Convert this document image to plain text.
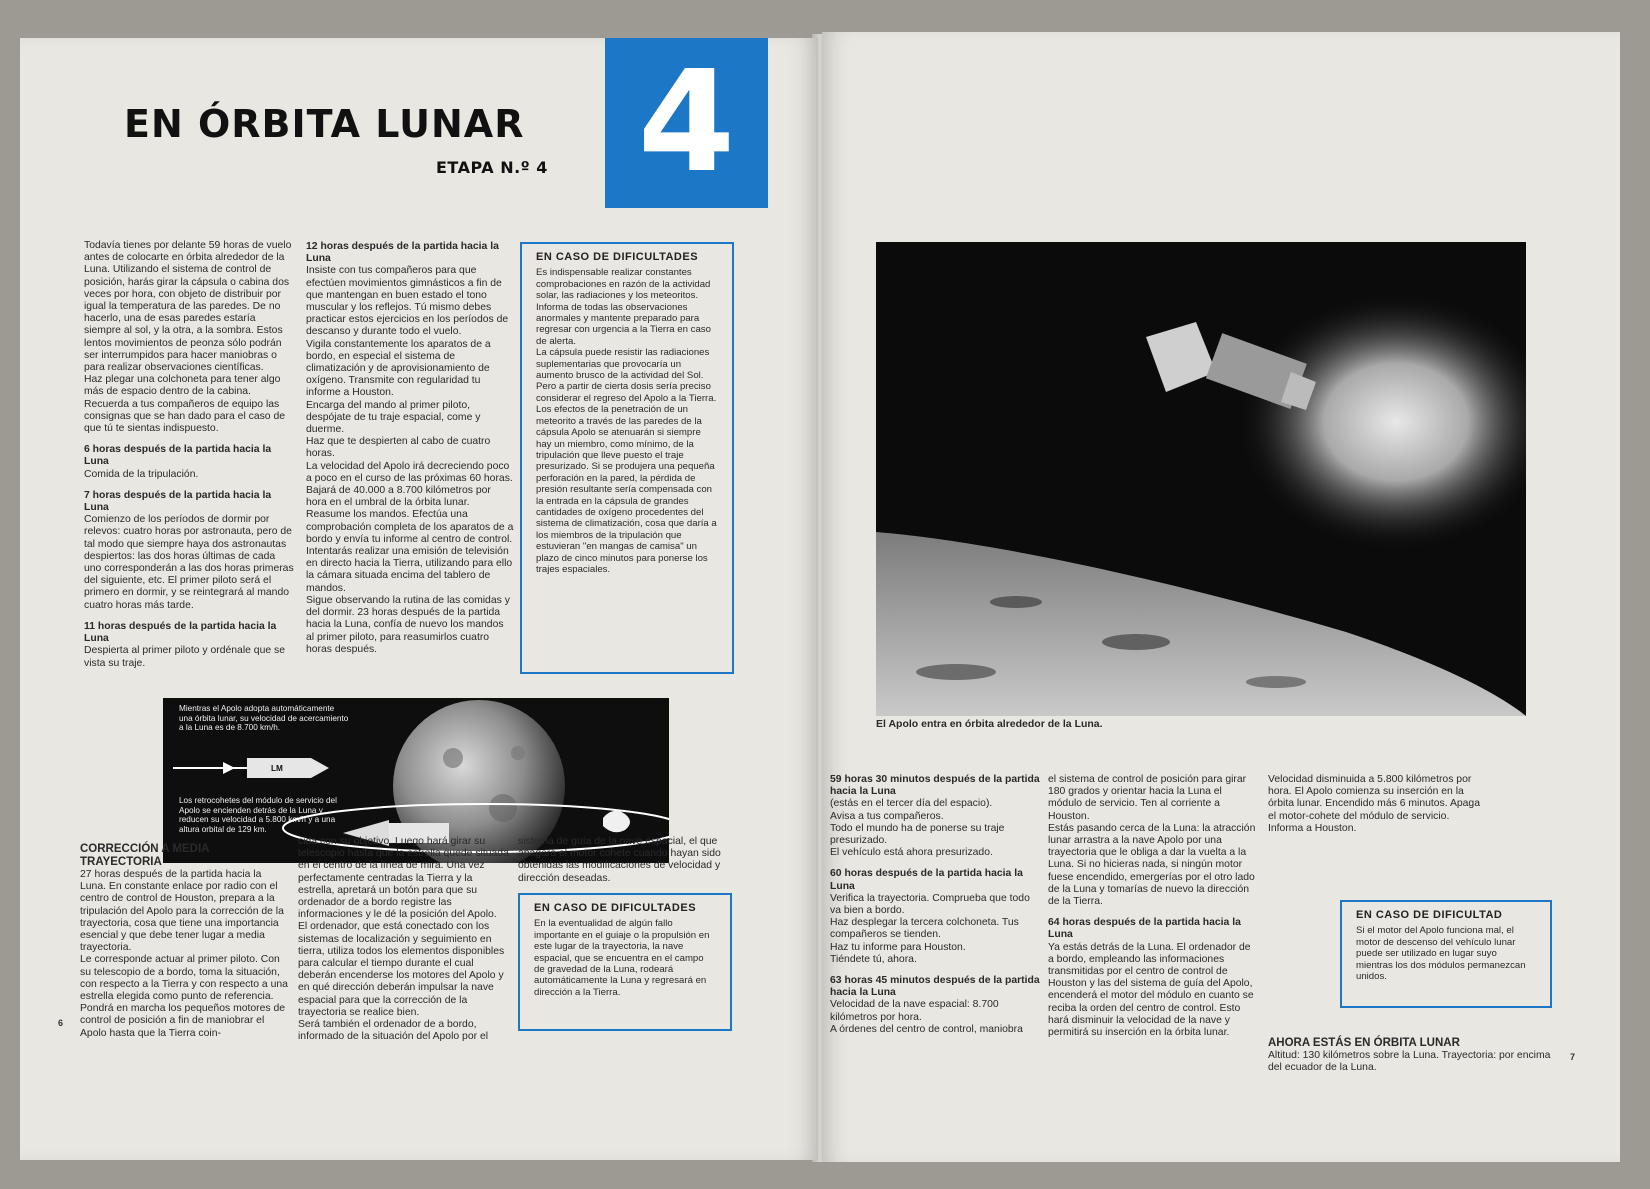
EN ÓRBITA LUNAR
ETAPA N.º 4 4

Todavía tienes por delante 59 horas de vuelo antes de colocarte en órbita alrededor de la Luna. Utilizando el sistema de control de posición, harás girar la cápsula o cabina dos veces por hora, con objeto de distribuir por igual la temperatura de las paredes. De no hacerlo, una de esas paredes estaría siempre al sol, y la otra, a la sombra. Estos lentos movimientos de peonza sólo podrán ser interrumpidos para hacer maniobras o para realizar observaciones científicas.

Haz plegar una colchoneta para tener algo más de espacio dentro de la cabina.

Recuerda a tus compañeros de equipo las consignas que se han dado para el caso de que tú te sientas indispuesto.

6 horas después de la partida hacia la Luna

Comida de la tripulación.

7 horas después de la partida hacia la Luna

Comienzo de los períodos de dormir por relevos: cuatro horas por astronauta, pero de tal modo que siempre haya dos astronautas despiertos: las dos horas últimas de cada uno corresponderán a las dos horas primeras del siguiente, etc. El primer piloto será el primero en dormir, y se reintegrará al mando cuatro horas más tarde.

11 horas después de la partida hacia la Luna

Despierta al primer piloto y ordénale que se vista su traje.

12 horas después de la partida hacia la Luna

Insiste con tus compañeros para que efectúen movimientos gimnásticos a fin de que mantengan en buen estado el tono muscular y los reflejos. Tú mismo debes practicar estos ejercicios en los períodos de descanso y durante todo el vuelo.

Vigila constantemente los aparatos de a bordo, en especial el sistema de climatización y de aprovisionamiento de oxígeno. Transmite con regularidad tu informe a Houston.

Encarga del mando al primer piloto, despójate de tu traje espacial, come y duerme.

Haz que te despierten al cabo de cuatro horas.

La velocidad del Apolo irá decreciendo poco a poco en el curso de las próximas 60 horas. Bajará de 40.000 a 8.700 kilómetros por hora en el umbral de la órbita lunar.

Reasume los mandos. Efectúa una comprobación completa de los aparatos de a bordo y envía tu informe al centro de control. Intentarás realizar una emisión de televisión en directo hacia la Tierra, utilizando para ello la cámara situada encima del tablero de mandos.

Sigue observando la rutina de las comidas y del dormir. 23 horas después de la partida hacia la Luna, confía de nuevo los mandos al primer piloto, para reasumirlos cuatro horas después.

EN CASO DE DIFICULTADES

Es indispensable realizar constantes comprobaciones en razón de la actividad solar, las radiaciones y los meteoritos. Informa de todas las observaciones anormales y mantente preparado para regresar con urgencia a la Tierra en caso de alerta.

La cápsula puede resistir las radiaciones suplementarias que provocaría un aumento brusco de la actividad del Sol. Pero a partir de cierta dosis sería preciso considerar el regreso del Apolo a la Tierra. Los efectos de la penetración de un meteorito a través de las paredes de la cápsula Apolo se atenuarán si siempre hay un miembro, como mínimo, de la tripulación que lleve puesto el traje presurizado. Si se produjera una pequeña perforación en la pared, la pérdida de presión resultante sería compensada con la entrada en la cápsula de grandes cantidades de oxígeno procedentes del sistema de climatización, cosa que daría a los miembros de la tripulación que estuvieran "en mangas de camisa" un plazo de cinco minutos para ponerse los trajes espaciales.

Mientras el Apolo adopta automáticamente una órbita lunar, su velocidad de acercamiento a la Luna es de 8.700 km/h.
Los retrocohetes del módulo de servicio del Apolo se encienden detrás de la Luna y reducen su velocidad a 5.800 km/h y a una altura orbital de 129 km.
LM

CORRECCIÓN A MEDIA TRAYECTORIA

27 horas después de la partida hacia la Luna. En constante enlace por radio con el centro de control de Houston, prepara a la tripulación del Apolo para la corrección de la trayectoria, cosa que tiene una importancia esencial y que debe tener lugar a media trayectoria.

Le corresponde actuar al primer piloto. Con su telescopio de a bordo, toma la situación, con respecto a la Tierra y con respecto a una estrella elegida como punto de referencia. Pondrá en marcha los pequeños motores de control de posición a fin de maniobrar el Apolo hasta que la Tierra coin-

cida con su objetivo. Luego hará girar su telescopio hasta que la estrella quede situada en el centro de la línea de mira. Una vez perfectamente centradas la Tierra y la estrella, apretará un botón para que su ordenador de a bordo registre las informaciones y le dé la posición del Apolo.

El ordenador, que está conectado con los sistemas de localización y seguimiento en tierra, utiliza todos los elementos disponibles para calcular el tiempo durante el cual deberán encenderse los motores del Apolo y en qué dirección deberán impulsar la nave espacial para que la corrección de la trayectoria se realice bien.

Será también el ordenador de a bordo, informado de la situación del Apolo por el

sistema de guía de la nave espacial, el que apagará el motor cohete cuando hayan sido obtenidas las modificaciones de velocidad y dirección deseadas.

EN CASO DE DIFICULTADES

En la eventualidad de algún fallo importante en el guiaje o la propulsión en este lugar de la trayectoria, la nave espacial, que se encuentra en el campo de gravedad de la Luna, rodeará automáticamente la Luna y regresará en dirección a la Tierra.

6
El Apolo entra en órbita alrededor de la Luna.

59 horas 30 minutos después de la partida hacia la Luna

(estás en el tercer día del espacio).

Avisa a tus compañeros.

Todo el mundo ha de ponerse su traje presurizado.

El vehículo está ahora presurizado.

60 horas después de la partida hacia la Luna

Verifica la trayectoria. Comprueba que todo va bien a bordo.

Haz desplegar la tercera colchoneta. Tus compañeros se tienden.

Haz tu informe para Houston.

Tiéndete tú, ahora.

63 horas 45 minutos después de la partida hacia la Luna

Velocidad de la nave espacial: 8.700 kilómetros por hora.

A órdenes del centro de control, maniobra

el sistema de control de posición para girar 180 grados y orientar hacia la Luna el módulo de servicio. Ten al corriente a Houston.

Estás pasando cerca de la Luna: la atracción lunar arrastra a la nave Apolo por una trayectoria que le obliga a dar la vuelta a la Luna. Si no hicieras nada, si ningún motor fuese encendido, emergerías por el otro lado de la Luna y tomarías de nuevo la dirección de la Tierra.

64 horas después de la partida hacia la Luna

Ya estás detrás de la Luna. El ordenador de a bordo, empleando las informaciones transmitidas por el centro de control de Houston y las del sistema de guía del Apolo, encenderá el motor del módulo en cuanto se reciba la orden del centro de control. Esto hará disminuir la velocidad de la nave y permitirá su inserción en la órbita lunar.

Velocidad disminuida a 5.800 kilómetros por hora. El Apolo comienza su inserción en la órbita lunar. Encendido más 6 minutos. Apaga el motor-cohete del módulo de servicio. Informa a Houston.

EN CASO DE DIFICULTAD

Si el motor del Apolo funciona mal, el motor de descenso del vehículo lunar puede ser utilizado en lugar suyo mientras los dos módulos permanezcan unidos.

AHORA ESTÁS EN ÓRBITA LUNAR

Altitud: 130 kilómetros sobre la Luna. Trayectoria: por encima del ecuador de la Luna.

7
